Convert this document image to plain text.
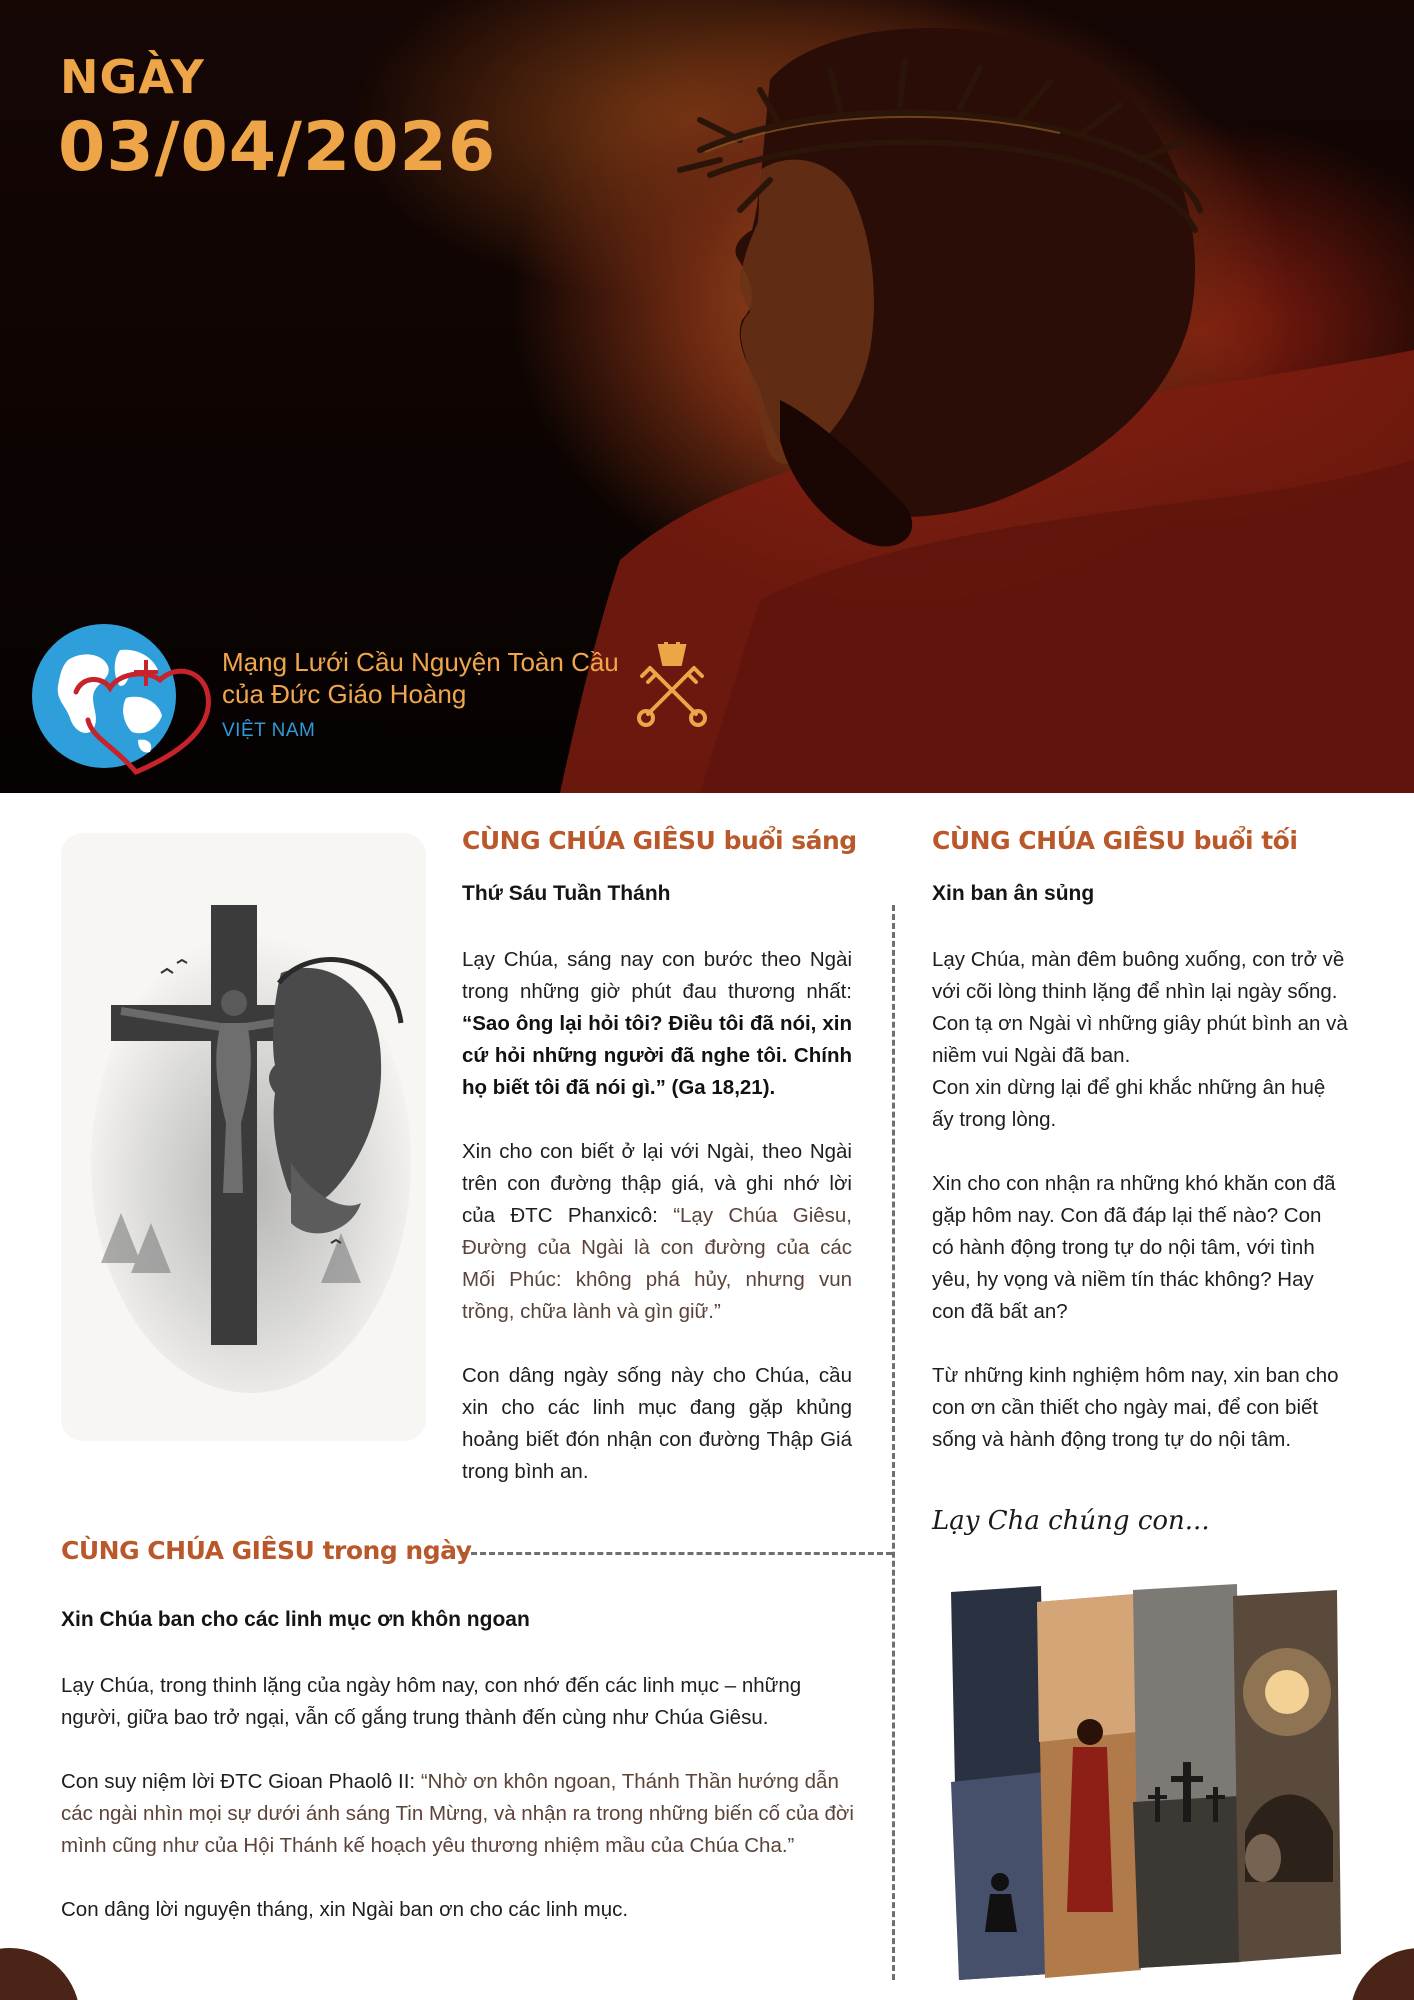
NGÀY
03/04/2026
Mạng Lưới Cầu Nguyện Toàn Cầu
của Đức Giáo Hoàng
VIỆT NAM
CÙNG CHÚA GIÊSU buổi sáng
Thứ Sáu Tuần Thánh
Lạy Chúa, sáng nay con bước theo Ngài trong những giờ phút đau thương nhất: “Sao ông lại hỏi tôi? Điều tôi đã nói, xin cứ hỏi những người đã nghe tôi. Chính họ biết tôi đã nói gì.” (Ga 18,21).
Xin cho con biết ở lại với Ngài, theo Ngài trên con đường thập giá, và ghi nhớ lời của ĐTC Phanxicô: “Lạy Chúa Giêsu, Đường của Ngài là con đường của các Mối Phúc: không phá hủy, nhưng vun trồng, chữa lành và gìn giữ.”
Con dâng ngày sống này cho Chúa, cầu xin cho các linh mục đang gặp khủng hoảng biết đón nhận con đường Thập Giá trong bình an.
CÙNG CHÚA GIÊSU buổi tối
Xin ban ân sủng
Lạy Chúa, màn đêm buông xuống, con trở về với cõi lòng thinh lặng để nhìn lại ngày sống. Con tạ ơn Ngài vì những giây phút bình an và niềm vui Ngài đã ban.
Con xin dừng lại để ghi khắc những ân huệ ấy trong lòng.
Xin cho con nhận ra những khó khăn con đã gặp hôm nay. Con đã đáp lại thế nào? Con có hành động trong tự do nội tâm, với tình yêu, hy vọng và niềm tín thác không? Hay con đã bất an?
Từ những kinh nghiệm hôm nay, xin ban cho con ơn cần thiết cho ngày mai, để con biết sống và hành động trong tự do nội tâm.
Lạy Cha chúng con...
CÙNG CHÚA GIÊSU trong ngày
Xin Chúa ban cho các linh mục ơn khôn ngoan
Lạy Chúa, trong thinh lặng của ngày hôm nay, con nhớ đến các linh mục – những người, giữa bao trở ngại, vẫn cố gắng trung thành đến cùng như Chúa Giêsu.
Con suy niệm lời ĐTC Gioan Phaolô II: “Nhờ ơn khôn ngoan, Thánh Thần hướng dẫn các ngài nhìn mọi sự dưới ánh sáng Tin Mừng, và nhận ra trong những biến cố của đời mình cũng như của Hội Thánh kế hoạch yêu thương nhiệm mầu của Chúa Cha.”
Con dâng lời nguyện tháng, xin Ngài ban ơn cho các linh mục.
